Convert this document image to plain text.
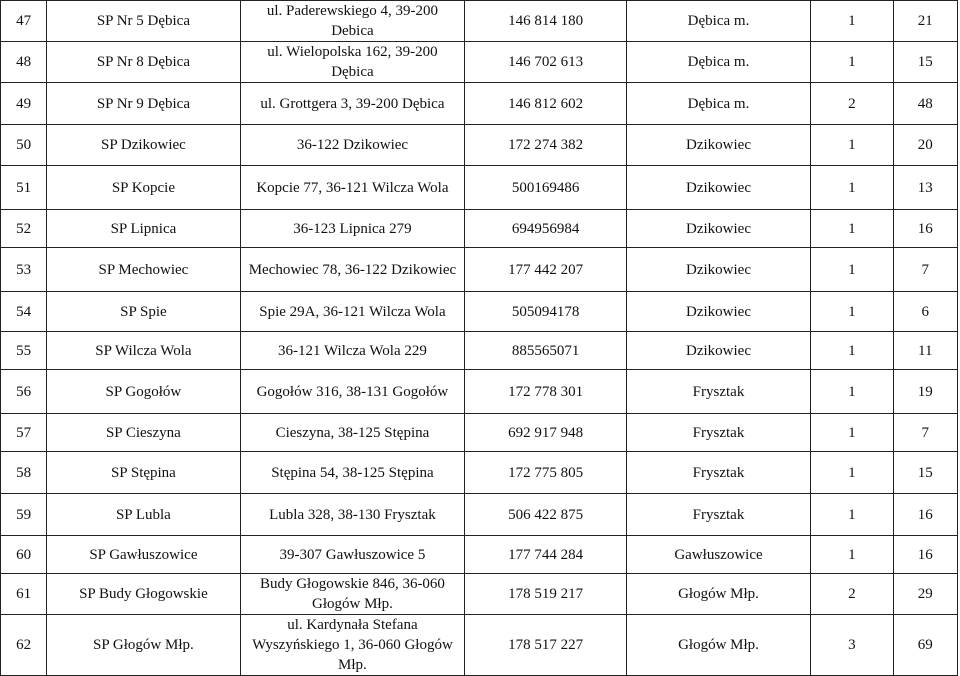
47	SP Nr 5 Dębica	ul. Paderewskiego 4, 39-200 Debica	146 814 180	Dębica m.	1	21
48	SP Nr 8 Dębica	ul. Wielopolska 162, 39-200 Dębica	146 702 613	Dębica m.	1	15
49	SP Nr 9 Dębica	ul. Grottgera 3, 39-200 Dębica	146 812 602	Dębica m.	2	48
50	SP Dzikowiec	36-122 Dzikowiec	172 274 382	Dzikowiec	1	20
51	SP Kopcie	Kopcie 77, 36-121 Wilcza Wola	500169486	Dzikowiec	1	13
52	SP Lipnica	36-123 Lipnica 279	694956984	Dzikowiec	1	16
53	SP Mechowiec	Mechowiec 78, 36-122 Dzikowiec	177 442 207	Dzikowiec	1	7
54	SP Spie	Spie 29A, 36-121 Wilcza Wola	505094178	Dzikowiec	1	6
55	SP Wilcza Wola	36-121 Wilcza Wola 229	885565071	Dzikowiec	1	11
56	SP Gogołów	Gogołów 316, 38-131 Gogołów	172 778 301	Frysztak	1	19
57	SP Cieszyna	Cieszyna, 38-125 Stępina	692 917 948	Frysztak	1	7
58	SP Stępina	Stępina 54, 38-125 Stępina	172 775 805	Frysztak	1	15
59	SP Lubla	Lubla 328, 38-130 Frysztak	506 422 875	Frysztak	1	16
60	SP Gawłuszowice	39-307 Gawłuszowice 5	177 744 284	Gawłuszowice	1	16
61	SP Budy Głogowskie	Budy Głogowskie 846, 36-060 Głogów Młp.	178 519 217	Głogów Młp.	2	29
62	SP Głogów Młp.	ul. Kardynała Stefana Wyszyńskiego 1, 36-060 Głogów Młp.	178 517 227	Głogów Młp.	3	69
